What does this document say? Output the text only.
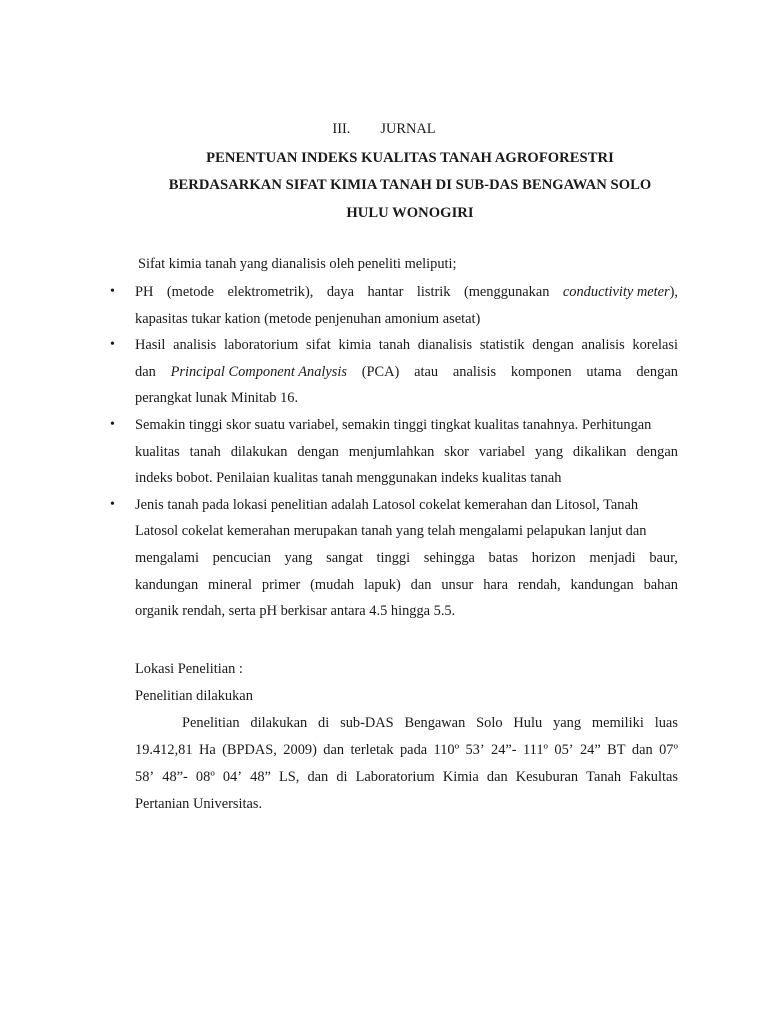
III. JURNAL
PENENTUAN INDEKS KUALITAS TANAH AGROFORESTRI
BERDASARKAN SIFAT KIMIA TANAH DI SUB-DAS BENGAWAN SOLO
HULU WONOGIRI
Sifat kimia tanah yang dianalisis oleh peneliti meliputi;
•	PH (metode elektrometrik), daya hantar listrik (menggunakan conductivity meter),
kapasitas tukar kation (metode penjenuhan amonium asetat)
•	Hasil analisis laboratorium sifat kimia tanah dianalisis statistik dengan analisis korelasi
dan Principal Component Analysis (PCA) atau analisis komponen utama dengan
perangkat lunak Minitab 16.
•	Semakin tinggi skor suatu variabel, semakin tinggi tingkat kualitas tanahnya. Perhitungan
kualitas tanah dilakukan dengan menjumlahkan skor variabel yang dikalikan dengan
indeks bobot. Penilaian kualitas tanah menggunakan indeks kualitas tanah
•	Jenis tanah pada lokasi penelitian adalah Latosol cokelat kemerahan dan Litosol, Tanah
Latosol cokelat kemerahan merupakan tanah yang telah mengalami pelapukan lanjut dan
mengalami pencucian yang sangat tinggi sehingga batas horizon menjadi baur,
kandungan mineral primer (mudah lapuk) dan unsur hara rendah, kandungan bahan
organik rendah, serta pH berkisar antara 4.5 hingga 5.5.
Lokasi Penelitian :
Penelitian dilakukan
Penelitian dilakukan di sub-DAS Bengawan Solo Hulu yang memiliki luas
19.412,81 Ha (BPDAS, 2009) dan terletak pada 110º 53’ 24”- 111º 05’ 24” BT dan 07º
58’ 48”- 08º 04’ 48” LS, dan di Laboratorium Kimia dan Kesuburan Tanah Fakultas
Pertanian Universitas.
